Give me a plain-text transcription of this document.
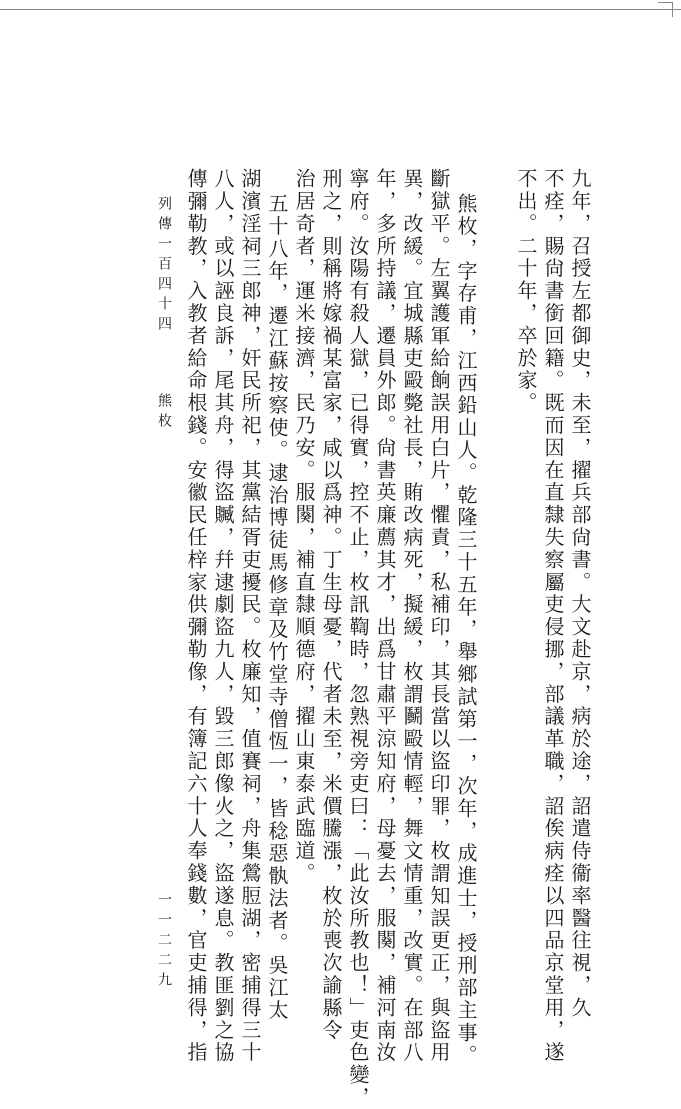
九年，召授左都御史，未至，擢兵部尙書。大文赴京，病於途，詔遣侍衞率醫往視，久
不痊，賜尙書銜回籍。既而因在直隸失察屬吏侵挪，部議革職，詔俟病痊以四品京堂用，遂
不出。二十年，卒於家。
熊枚，字存甫，江西鉛山人。乾隆三十五年，舉鄉試第一，次年，成進士，授刑部主事。
斷獄平。左翼護軍給餉誤用白片，懼責，私補印，其長當以盜印罪，枚謂知誤更正，與盜用
異，改緩。宜城縣吏毆斃社長，賄改病死，擬緩，枚謂鬭毆情輕，舞文情重，改實。在部八
年，多所持議，遷員外郎。尙書英廉薦其才，出爲甘肅平涼知府，母憂去，服闋，補河南汝
寧府。汝陽有殺人獄，已得實，控不止，枚訊鞫時，忽熟視旁吏曰：「此汝所教也！」吏色變，
刑之，則稱將嫁禍某富家，咸以爲神。丁生母憂，代者未至，米價騰漲，枚於喪次諭縣令
治居奇者，運米接濟，民乃安。服闋，補直隸順德府，擢山東泰武臨道。
五十八年，遷江蘇按察使。逮治博徒馬修章及竹堂寺僧恆一，皆稔惡骫法者。吳江太
湖濱淫祠三郎神，奸民所祀，其黨結胥吏擾民。枚廉知，值賽祠，舟集鶯脰湖，密捕得三十
八人，或以誣良訴，尾其舟，得盜贓，幷逮劇盜九人，毀三郎像火之，盜遂息。教匪劉之協
傳彌勒教，入教者給命根錢。安徽民任梓家供彌勒像，有簿記六十人奉錢數，官吏捕得，指
列傳一百四十四
熊枚
一一二二九
